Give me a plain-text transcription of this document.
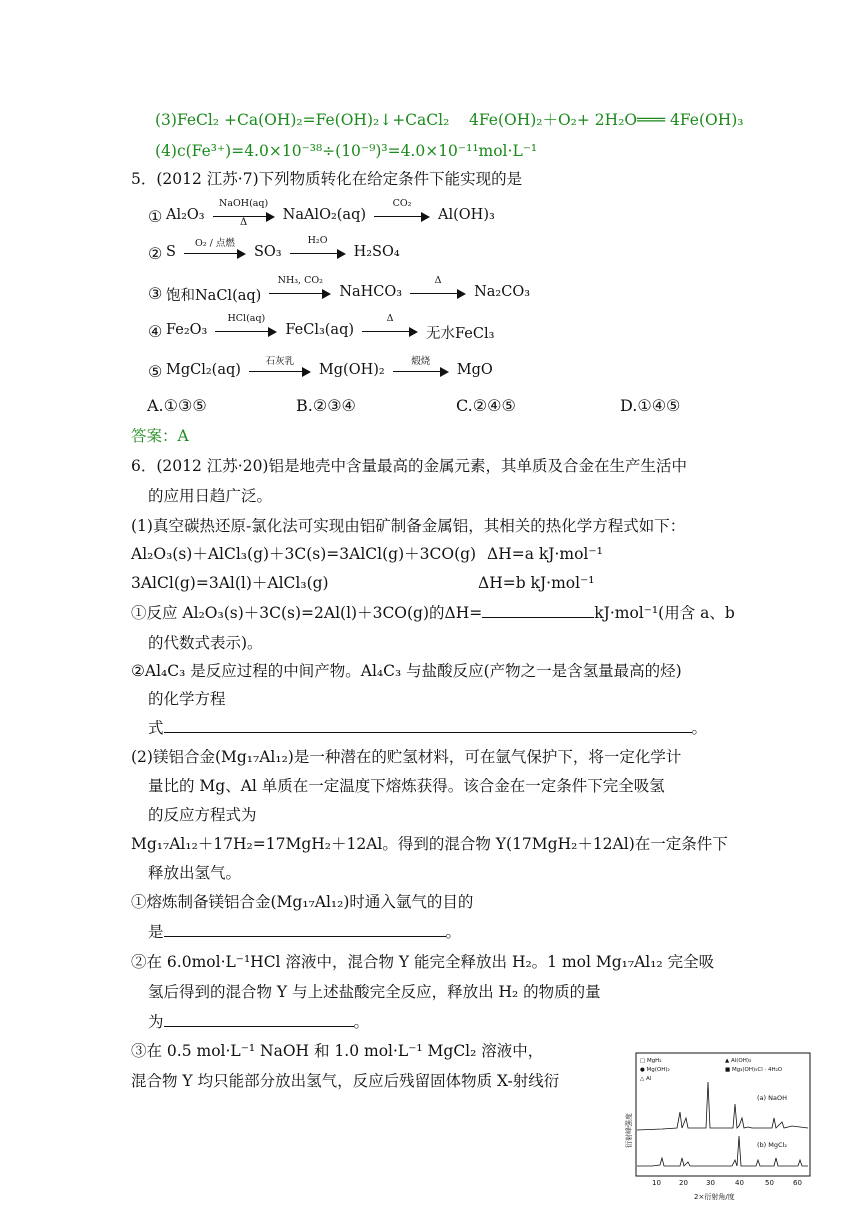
(3)FeCl₂ +Ca(OH)₂=Fe(OH)₂↓+CaCl₂ 4Fe(OH)₂＋O₂+ 2H₂O═══ 4Fe(OH)₃
(4)c(Fe³⁺)=4.0×10⁻³⁸÷(10⁻⁹)³=4.0×10⁻¹¹mol·L⁻¹
5．(2012 江苏·7)下列物质转化在给定条件下能实现的是
① Al₂O₃
NaOH(aq)
Δ	NaAlO₂(aq)
CO₂
Al(OH)₃
② S
O₂ / 点燃
SO₃
H₂O
H₂SO₄
③ 饱和NaCl(aq)
NH₃, CO₂
NaHCO₃
Δ
Na₂CO₃
④ Fe₂O₃
HCl(aq)
FeCl₃(aq)
Δ
无水FeCl₃
⑤ MgCl₂(aq)
石灰乳
Mg(OH)₂
煅烧
MgO
A.①③⑤	B.②③④	C.②④⑤	D.①④⑤
答案：A
6．(2012 江苏·20)铝是地壳中含量最高的金属元素，其单质及合金在生产生活中
的应用日趋广泛。
(1)真空碳热还原-氯化法可实现由铝矿制备金属铝，其相关的热化学方程式如下：
Al₂O₃(s)＋AlCl₃(g)＋3C(s)=3AlCl(g)＋3CO(g) ΔH=a kJ·mol⁻¹
3AlCl(g)=3Al(l)＋AlCl₃(g)	ΔH=b kJ·mol⁻¹
①反应 Al₂O₃(s)＋3C(s)=2Al(l)＋3CO(g)的ΔH=	kJ·mol⁻¹(用含 a、b
的代数式表示)。
②Al₄C₃ 是反应过程的中间产物。Al₄C₃ 与盐酸反应(产物之一是含氢量最高的烃)
的化学方程
式	。
(2)镁铝合金(Mg₁₇Al₁₂)是一种潜在的贮氢材料，可在氩气保护下，将一定化学计
量比的 Mg、Al 单质在一定温度下熔炼获得。该合金在一定条件下完全吸氢
的反应方程式为
Mg₁₇Al₁₂＋17H₂=17MgH₂＋12Al。得到的混合物 Y(17MgH₂＋12Al)在一定条件下
释放出氢气。
①熔炼制备镁铝合金(Mg₁₇Al₁₂)时通入氩气的目的
是	。
②在 6.0mol·L⁻¹HCl 溶液中，混合物 Y 能完全释放出 H₂。1 mol Mg₁₇Al₁₂ 完全吸
氢后得到的混合物 Y 与上述盐酸完全反应，释放出 H₂ 的物质的量
为	。
③在 0.5 mol·L⁻¹ NaOH 和 1.0 mol·L⁻¹ MgCl₂ 溶液中，
混合物 Y 均只能部分放出氢气，反应后残留固体物质 X-射线衍
□ MgH₂	▲ Al(OH)₃
● Mg(OH)₂	■ Mg₃(OH)₅Cl · 4H₂O
△ Al
(a) NaOH
(b) MgCl₂
10	20	30	40	50	60
2×衍射角/度
衍射峰强度
